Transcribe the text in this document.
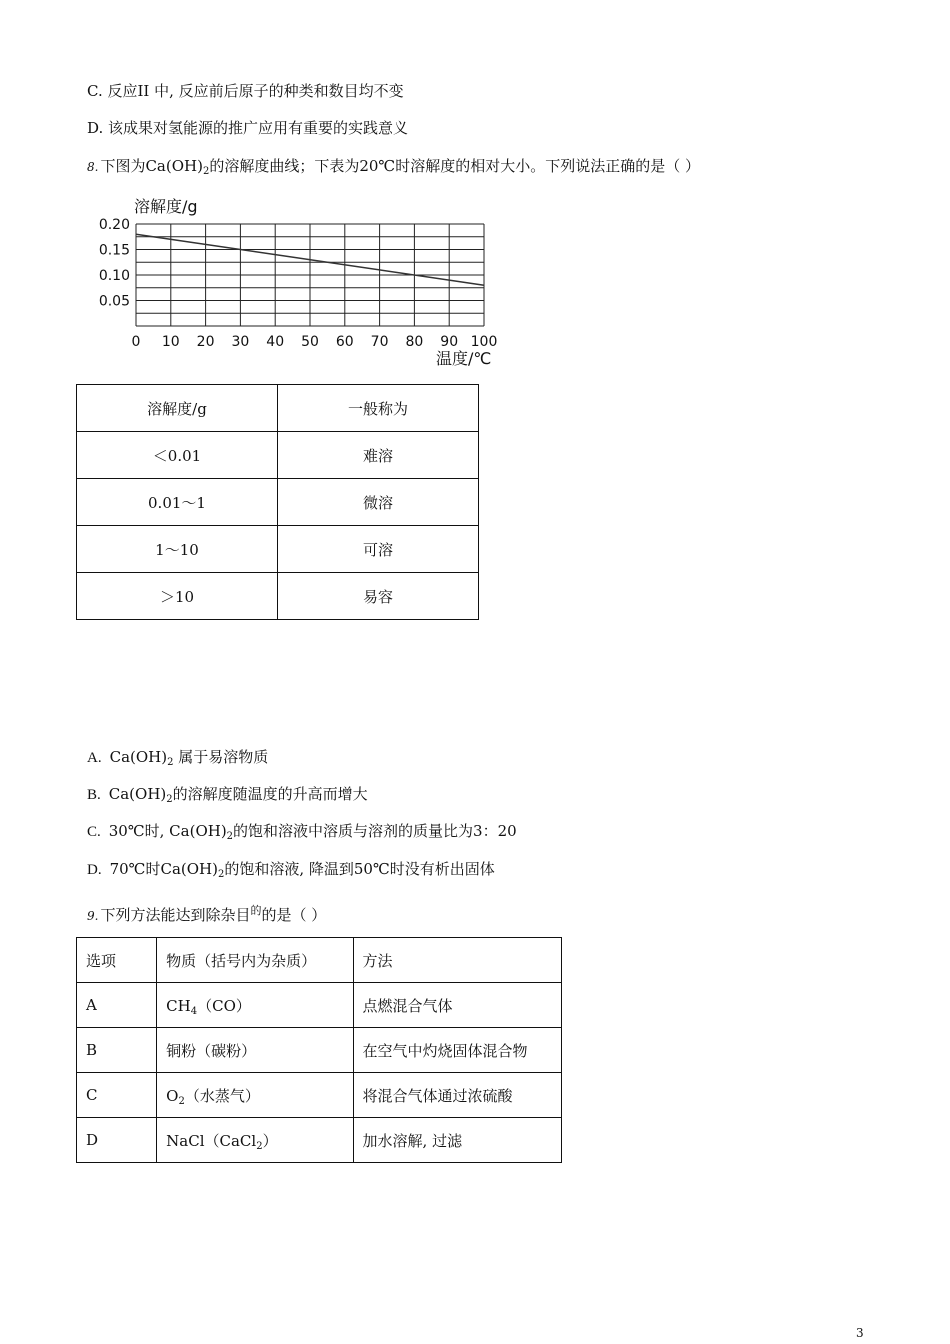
C. 反应II 中, 反应前后原子的种类和数目均不变
D. 该成果对氢能源的推广应用有重要的实践意义
8. 下图为$Ca(OH)_2$的溶解度曲线；下表为20℃时溶解度的相对大小。下列说法正确的是（ ）
0.05
0.10
0.15
0.20
0 10 20 30 40 50 60 70 80 90 100
溶解度/g
温度/℃
溶解度/g	一般称为
＜0.01	难溶
0.01～1	微溶
1～10	可溶
＞10	易容
A. $Ca(OH)_2$ 属于易溶物质
B. $Ca(OH)_2$的溶解度随温度的升高而增大
C. 30℃时, $Ca(OH)_2$的饱和溶液中溶质与溶剂的质量比为3：20
D. 70℃时$Ca(OH)_2$的饱和溶液, 降温到50℃时没有析出固体
9. 下列方法能达到除杂目$^的$的是（ ）
选项	物质（括号内为杂质）	方法
A	$CH_4(CO)$	点燃混合气体
B	铜粉（碳粉）	在空气中灼烧固体混合物
C	$O_2$（水蒸气）	将混合气体通过浓硫酸
D	NaCl（CaCl$_2$）	加水溶解, 过滤
3
